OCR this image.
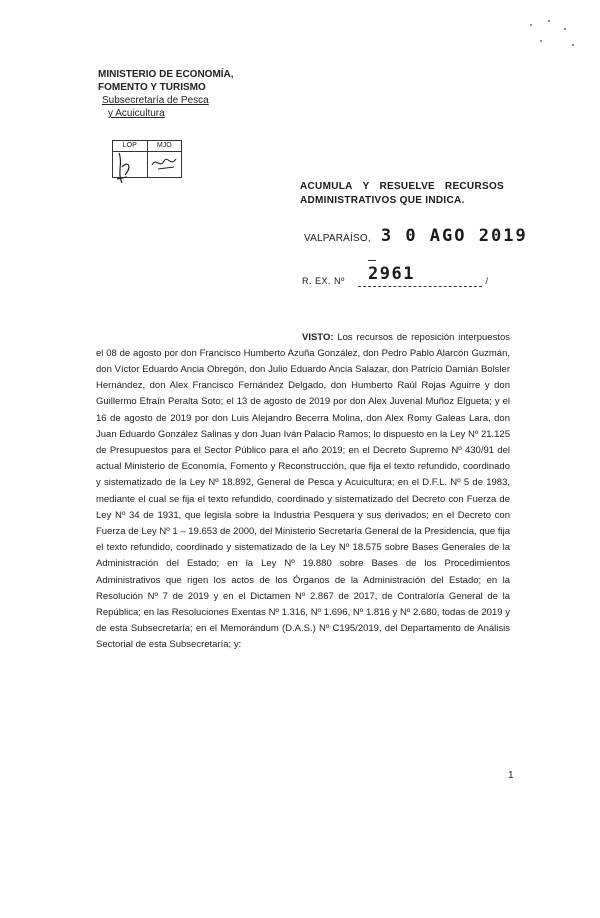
MINISTERIO DE ECONOMÍA,
FOMENTO Y TURISMO
Subsecretaría de Pesca
y Acuicultura
LOP	MJO
ACUMULA Y RESUELVE RECURSOS
ADMINISTRATIVOS QUE INDICA.
VALPARAÍSO, 3 0 AGO 2019
R. EX. Nº 2961	/

VISTO: Los recursos de reposición interpuestos el 08 de agosto por don Francisco Humberto Azuña González, don Pedro Pablo Alarcón Guzmán, don Víctor Eduardo Ancia Obregón, don Julio Eduardo Ancia Salazar, don Patricio Damián Bolsler Hernández, don Alex Francisco Fernández Delgado, don Humberto Raúl Rojas Aguirre y don Guillermo Efraín Peralta Soto; el 13 de agosto de 2019 por don Alex Juvenal Muñoz Elgueta; y el 16 de agosto de 2019 por don Luis Alejandro Becerra Molina, don Alex Romy Galeas Lara, don Juan Eduardo González Salinas y don Juan Iván Palacio Ramos; lo dispuesto en la Ley Nº 21.125 de Presupuestos para el Sector Público para el año 2019; en el Decreto Supremo Nº 430/91 del actual Ministerio de Economía, Fomento y Reconstrucción, que fija el texto refundido, coordinado y sistematizado de la Ley Nº 18.892, General de Pesca y Acuicultura; en el D.F.L. Nº 5 de 1983, mediante el cual se fija el texto refundido, coordinado y sistematizado del Decreto con Fuerza de Ley Nº 34 de 1931, que legisla sobre la Industria Pesquera y sus derivados; en el Decreto con Fuerza de Ley Nº 1 – 19.653 de 2000, del Ministerio Secretaría General de la Presidencia, que fija el texto refundido, coordinado y sistematizado de la Ley Nº 18.575 sobre Bases Generales de la Administración del Estado; en la Ley Nº 19.880 sobre Bases de los Procedimientos Administrativos que rigen los actos de los Órganos de la Administración del Estado; en la Resolución Nº 7 de 2019 y en el Dictamen Nº 2.867 de 2017, de Contraloría General de la República; en las Resoluciones Exentas Nº 1.316, Nº 1.696, Nº 1.816 y Nº 2.680, todas de 2019 y de esta Subsecretaría; en el Memorándum (D.A.S.) Nº C195/2019, del Departamento de Análisis Sectorial de esta Subsecretaría; y:

1
